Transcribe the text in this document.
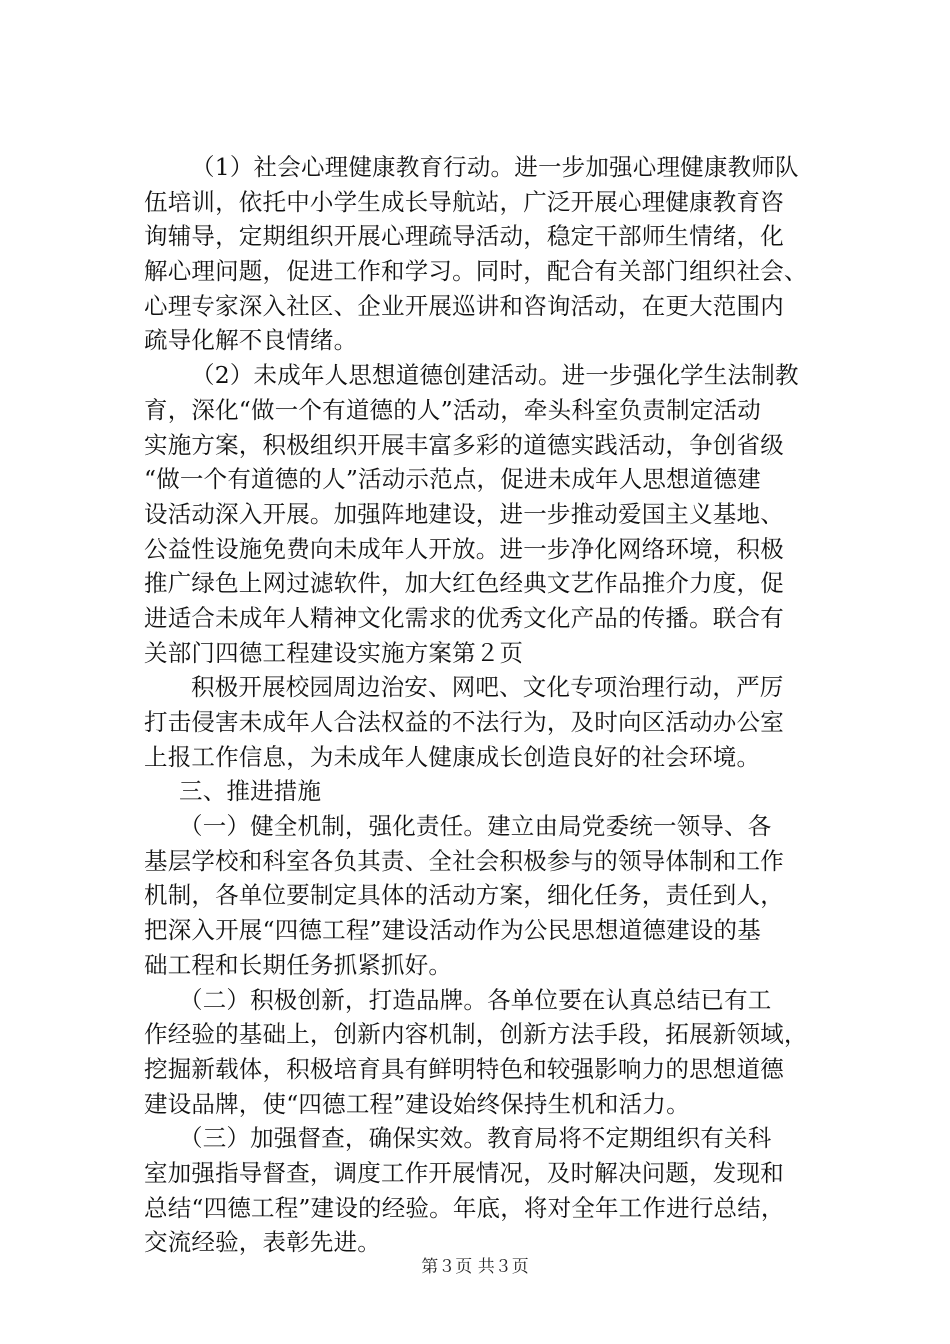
（1）社会心理健康教育行动。进一步加强心理健康教师队
伍培训，依托中小学生成长导航站，广泛开展心理健康教育咨
询辅导，定期组织开展心理疏导活动，稳定干部师生情绪，化
解心理问题，促进工作和学习。同时，配合有关部门组织社会、
心理专家深入社区、企业开展巡讲和咨询活动，在更大范围内
疏导化解不良情绪。
（2）未成年人思想道德创建活动。进一步强化学生法制教
育，深化“做一个有道德的人”活动，牵头科室负责制定活动
实施方案，积极组织开展丰富多彩的道德实践活动，争创省级
“做一个有道德的人”活动示范点，促进未成年人思想道德建
设活动深入开展。加强阵地建设，进一步推动爱国主义基地、
公益性设施免费向未成年人开放。进一步净化网络环境，积极
推广绿色上网过滤软件，加大红色经典文艺作品推介力度，促
进适合未成年人精神文化需求的优秀文化产品的传播。联合有
关部门四德工程建设实施方案第２页
积极开展校园周边治安、网吧、文化专项治理行动，严厉
打击侵害未成年人合法权益的不法行为，及时向区活动办公室
上报工作信息，为未成年人健康成长创造良好的社会环境。
三、推进措施
（一）健全机制，强化责任。建立由局党委统一领导、各
基层学校和科室各负其责、全社会积极参与的领导体制和工作
机制，各单位要制定具体的活动方案，细化任务，责任到人，
把深入开展“四德工程”建设活动作为公民思想道德建设的基
础工程和长期任务抓紧抓好。
（二）积极创新，打造品牌。各单位要在认真总结已有工
作经验的基础上，创新内容机制，创新方法手段，拓展新领域，
挖掘新载体，积极培育具有鲜明特色和较强影响力的思想道德
建设品牌，使“四德工程”建设始终保持生机和活力。
（三）加强督查，确保实效。教育局将不定期组织有关科
室加强指导督查，调度工作开展情况，及时解决问题，发现和
总结“四德工程”建设的经验。年底，将对全年工作进行总结，
交流经验，表彰先进。
第３页 共３页
